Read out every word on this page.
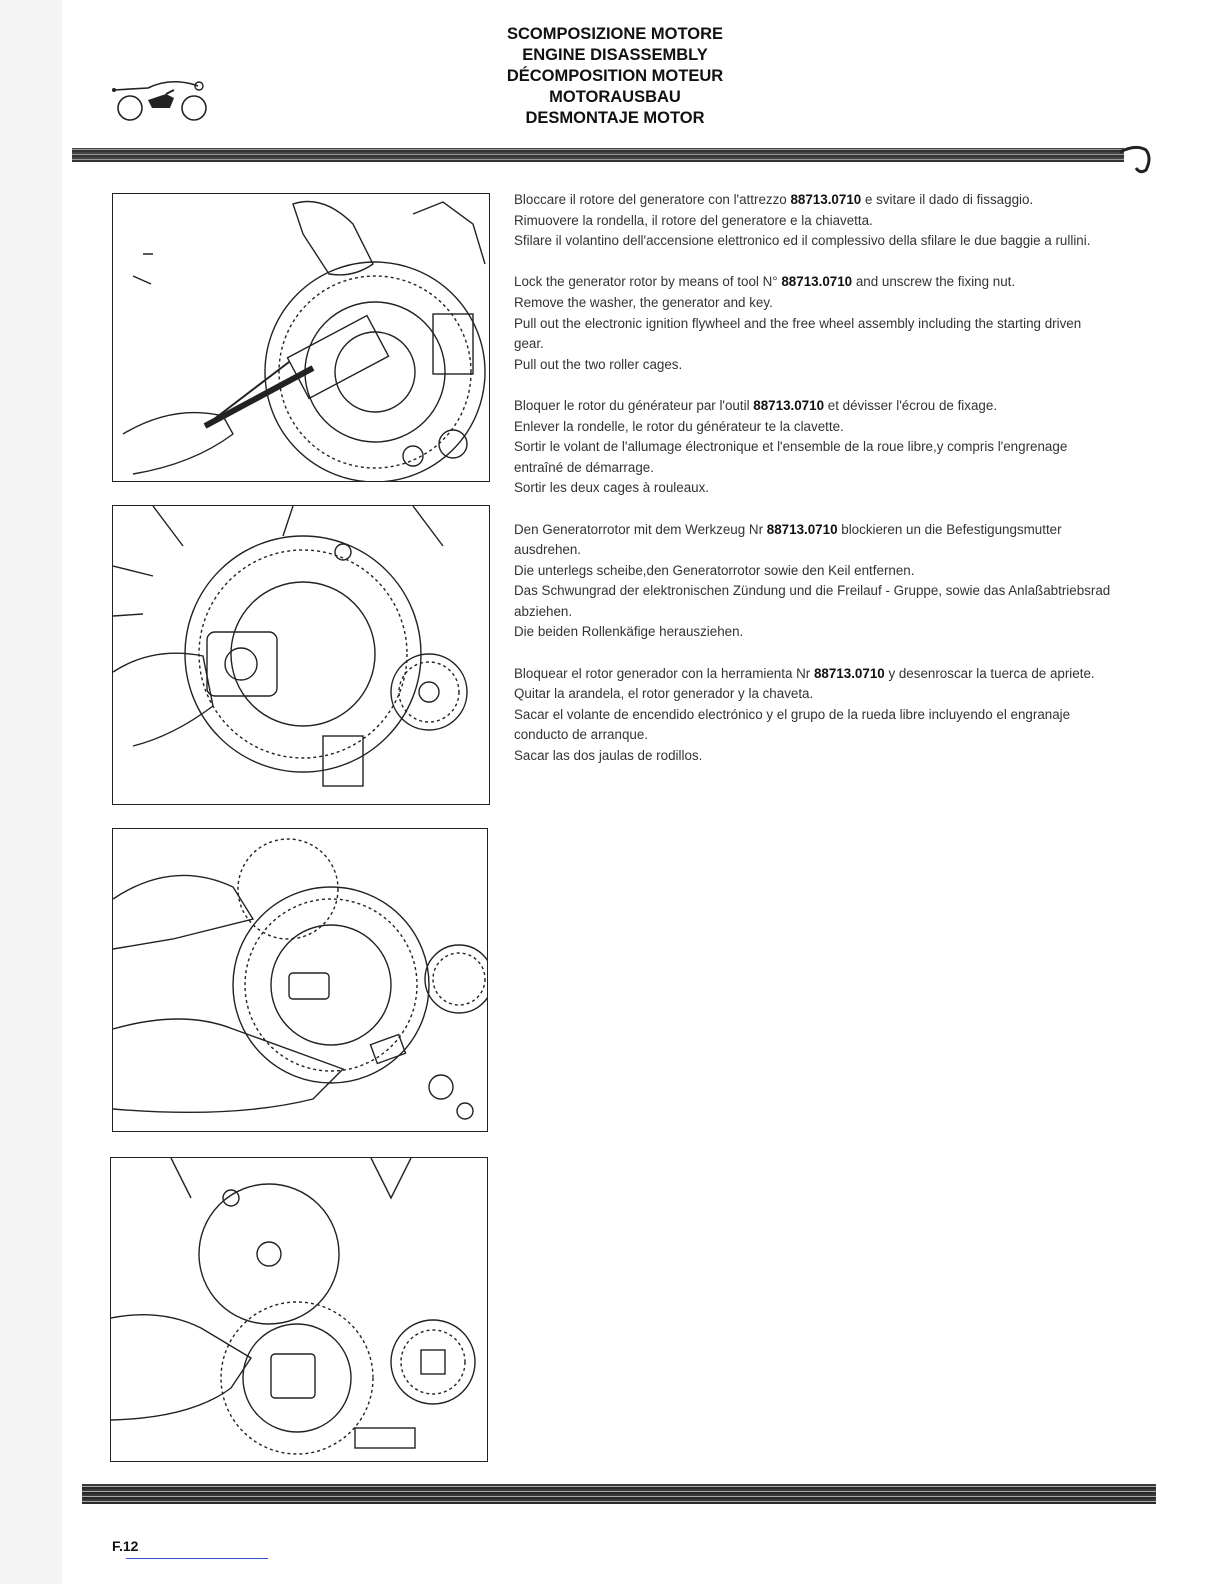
SCOMPOSIZIONE MOTORE
ENGINE DISASSEMBLY
DÉCOMPOSITION MOTEUR
MOTORAUSBAU
DESMONTAJE MOTOR

Bloccare il rotore del generatore con l'attrezzo 88713.0710 e svitare il dado di fissaggio.

Rimuovere la rondella, il rotore del generatore e la chiavetta.

Sfilare il volantino dell'accensione elettronico ed il complessivo della sfilare le due baggie a rullini.

Lock the generator rotor by means of tool N° 88713.0710 and unscrew the fixing nut.

Remove the washer, the generator and key.

Pull out the electronic ignition flywheel and the free wheel assembly including the starting driven gear.

Pull out the two roller cages.

Bloquer le rotor du générateur par l'outil 88713.0710 et dévisser l'écrou de fixage.

Enlever la rondelle, le rotor du générateur te la clavette.

Sortir le volant de l'allumage électronique et l'ensemble de la roue libre,y compris l'engrenage entraîné de démarrage.

Sortir les deux cages à rouleaux.

Den Generatorrotor mit dem Werkzeug Nr 88713.0710 blockieren un die Befestigungsmutter ausdrehen.

Die unterlegs scheibe,den Generatorrotor sowie den Keil entfernen.

Das Schwungrad der elektronischen Zündung und die Freilauf - Gruppe, sowie das Anlaßabtriebsrad abziehen.

Die beiden Rollenkäfige herausziehen.

Bloquear el rotor generador con la herramienta Nr 88713.0710 y desenroscar la tuerca de apriete.

Quitar la arandela, el rotor generador y la chaveta.

Sacar el volante de encendido electrónico y el grupo de la rueda libre incluyendo el engranaje conducto de arranque.

Sacar las dos jaulas de rodillos.

F.12
